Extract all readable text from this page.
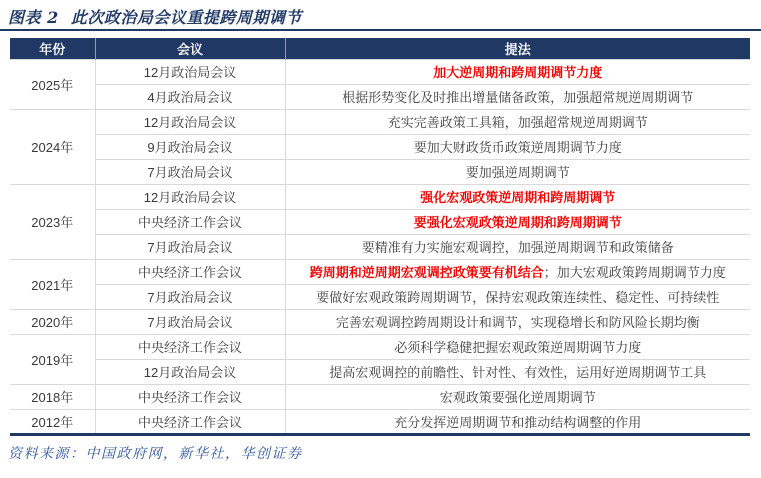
图表 2  此次政治局会议重提跨周期调节
年份	会议	提法
2025年	12月政治局会议	加大逆周期和跨周期调节力度
	4月政治局会议	根据形势变化及时推出增量储备政策，加强超常规逆周期调节
2024年	12月政治局会议	充实完善政策工具箱，加强超常规逆周期调节
	9月政治局会议	要加大财政货币政策逆周期调节力度
	7月政治局会议	要加强逆周期调节
2023年	12月政治局会议	强化宏观政策逆周期和跨周期调节
	中央经济工作会议	要强化宏观政策逆周期和跨周期调节
	7月政治局会议	要精准有力实施宏观调控，加强逆周期调节和政策储备
2021年	中央经济工作会议	跨周期和逆周期宏观调控政策要有机结合；加大宏观政策跨周期调节力度
	7月政治局会议	要做好宏观政策跨周期调节，保持宏观政策连续性、稳定性、可持续性
2020年	7月政治局会议	完善宏观调控跨周期设计和调节，实现稳增长和防风险长期均衡
2019年	中央经济工作会议	必须科学稳健把握宏观政策逆周期调节力度
	12月政治局会议	提高宏观调控的前瞻性、针对性、有效性，运用好逆周期调节工具
2018年	中央经济工作会议	宏观政策要强化逆周期调节
2012年	中央经济工作会议	充分发挥逆周期调节和推动结构调整的作用
资料来源：中国政府网，新华社，华创证券
